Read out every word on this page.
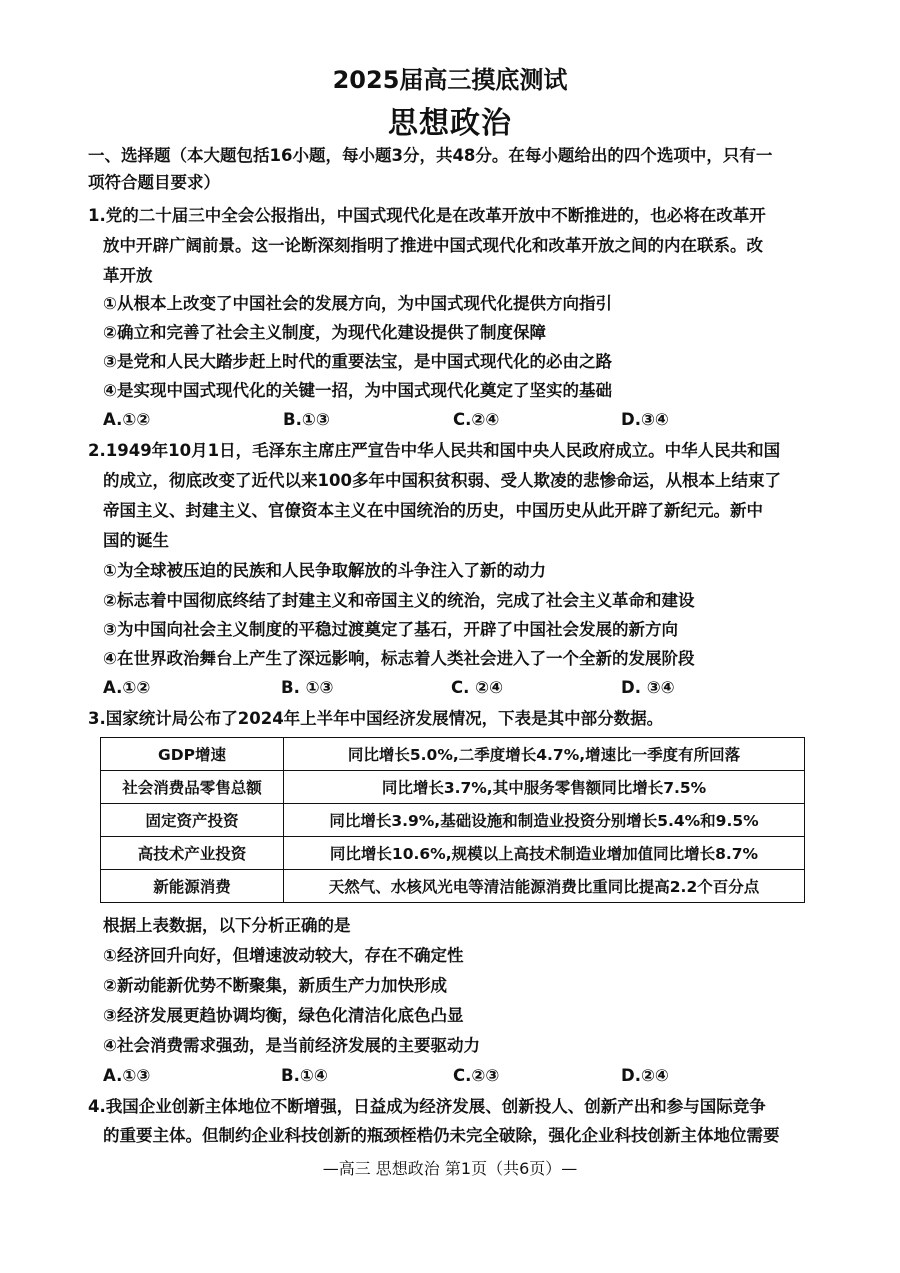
2025届高三摸底测试
思想政治
一、选择题（本大题包括16小题，每小题3分，共48分。在每小题给出的四个选项中，只有一
项符合题目要求）
1.党的二十届三中全会公报指出，中国式现代化是在改革开放中不断推进的，也必将在改革开
放中开辟广阔前景。这一论断深刻指明了推进中国式现代化和改革开放之间的内在联系。改
革开放
①从根本上改变了中国社会的发展方向，为中国式现代化提供方向指引
②确立和完善了社会主义制度，为现代化建设提供了制度保障
③是党和人民大踏步赶上时代的重要法宝，是中国式现代化的必由之路
④是实现中国式现代化的关键一招，为中国式现代化奠定了坚实的基础
A.①②	B.①③	C.②④	D.③④
2.1949年10月1日，毛泽东主席庄严宣告中华人民共和国中央人民政府成立。中华人民共和国
的成立，彻底改变了近代以来100多年中国积贫积弱、受人欺凌的悲惨命运，从根本上结束了
帝国主义、封建主义、官僚资本主义在中国统治的历史，中国历史从此开辟了新纪元。新中
国的诞生
①为全球被压迫的民族和人民争取解放的斗争注入了新的动力
②标志着中国彻底终结了封建主义和帝国主义的统治，完成了社会主义革命和建设
③为中国向社会主义制度的平稳过渡奠定了基石，开辟了中国社会发展的新方向
④在世界政治舞台上产生了深远影响，标志着人类社会进入了一个全新的发展阶段
A.①②	B. ①③	C. ②④	D. ③④
3.国家统计局公布了2024年上半年中国经济发展情况，下表是其中部分数据。
GDP增速	同比增长5.0%,二季度增长4.7%,增速比一季度有所回落
社会消费品零售总额	同比增长3.7%,其中服务零售额同比增长7.5%
固定资产投资	同比增长3.9%,基础设施和制造业投资分别增长5.4%和9.5%
高技术产业投资	同比增长10.6%,规模以上高技术制造业增加值同比增长8.7%
新能源消费	天然气、水核风光电等清洁能源消费比重同比提高2.2个百分点
根据上表数据，以下分析正确的是
①经济回升向好，但增速波动较大，存在不确定性
②新动能新优势不断聚集，新质生产力加快形成
③经济发展更趋协调均衡，绿色化清洁化底色凸显
④社会消费需求强劲，是当前经济发展的主要驱动力
A.①③	B.①④	C.②③	D.②④
4.我国企业创新主体地位不断增强，日益成为经济发展、创新投人、创新产出和参与国际竞争
的重要主体。但制约企业科技创新的瓶颈桎梏仍未完全破除，强化企业科技创新主体地位需要
—高三 思想政治 第1页（共6页）—
